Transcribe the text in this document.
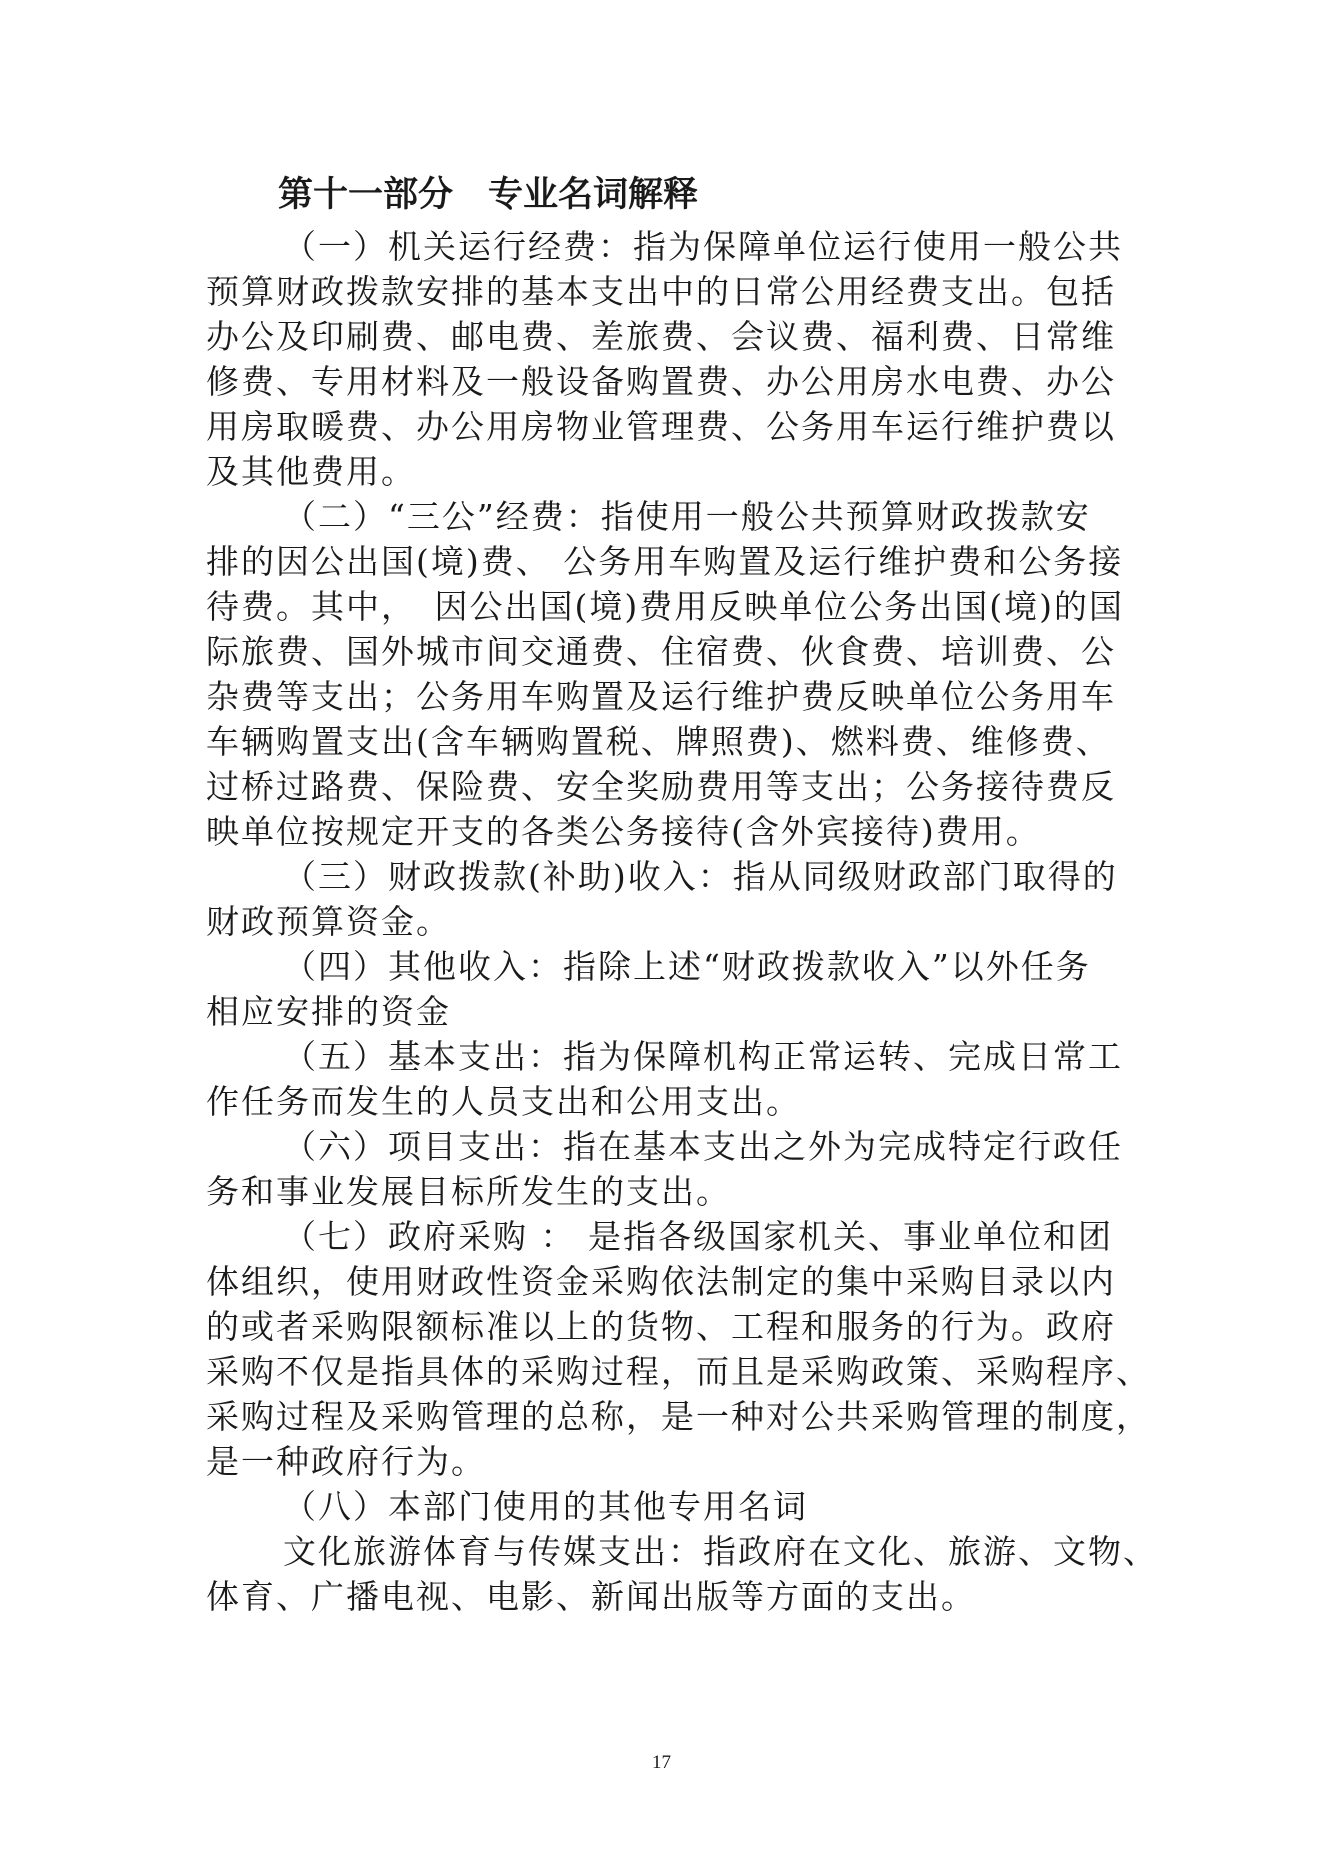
第十一部分　专业名词解释
（一）机关运行经费：指为保障单位运行使用一般公共
预算财政拨款安排的基本支出中的日常公用经费支出。包括
办公及印刷费、邮电费、差旅费、会议费、福利费、日常维
修费、专用材料及一般设备购置费、办公用房水电费、办公
用房取暖费、办公用房物业管理费、公务用车运行维护费以
及其他费用。
（二）“三公”经费：指使用一般公共预算财政拨款安
排的因公出国(境)费、 公务用车购置及运行维护费和公务接
待费。其中，　因公出国(境)费用反映单位公务出国(境)的国
际旅费、国外城市间交通费、住宿费、伙食费、培训费、公
杂费等支出；公务用车购置及运行维护费反映单位公务用车
车辆购置支出(含车辆购置税、牌照费)、燃料费、维修费、
过桥过路费、保险费、安全奖励费用等支出；公务接待费反
映单位按规定开支的各类公务接待(含外宾接待)费用。
（三）财政拨款(补助)收入：指从同级财政部门取得的
财政预算资金。
（四）其他收入：指除上述“财政拨款收入”以外任务
相应安排的资金
（五）基本支出：指为保障机构正常运转、完成日常工
作任务而发生的人员支出和公用支出。
（六）项目支出：指在基本支出之外为完成特定行政任
务和事业发展目标所发生的支出。
（七）政府采购 ： 是指各级国家机关、事业单位和团
体组织，使用财政性资金采购依法制定的集中采购目录以内
的或者采购限额标准以上的货物、工程和服务的行为。政府
采购不仅是指具体的采购过程，而且是采购政策、采购程序、
采购过程及采购管理的总称，是一种对公共采购管理的制度，
是一种政府行为。
（八）本部门使用的其他专用名词
文化旅游体育与传媒支出：指政府在文化、旅游、文物、
体育、广播电视、电影、新闻出版等方面的支出。
17
